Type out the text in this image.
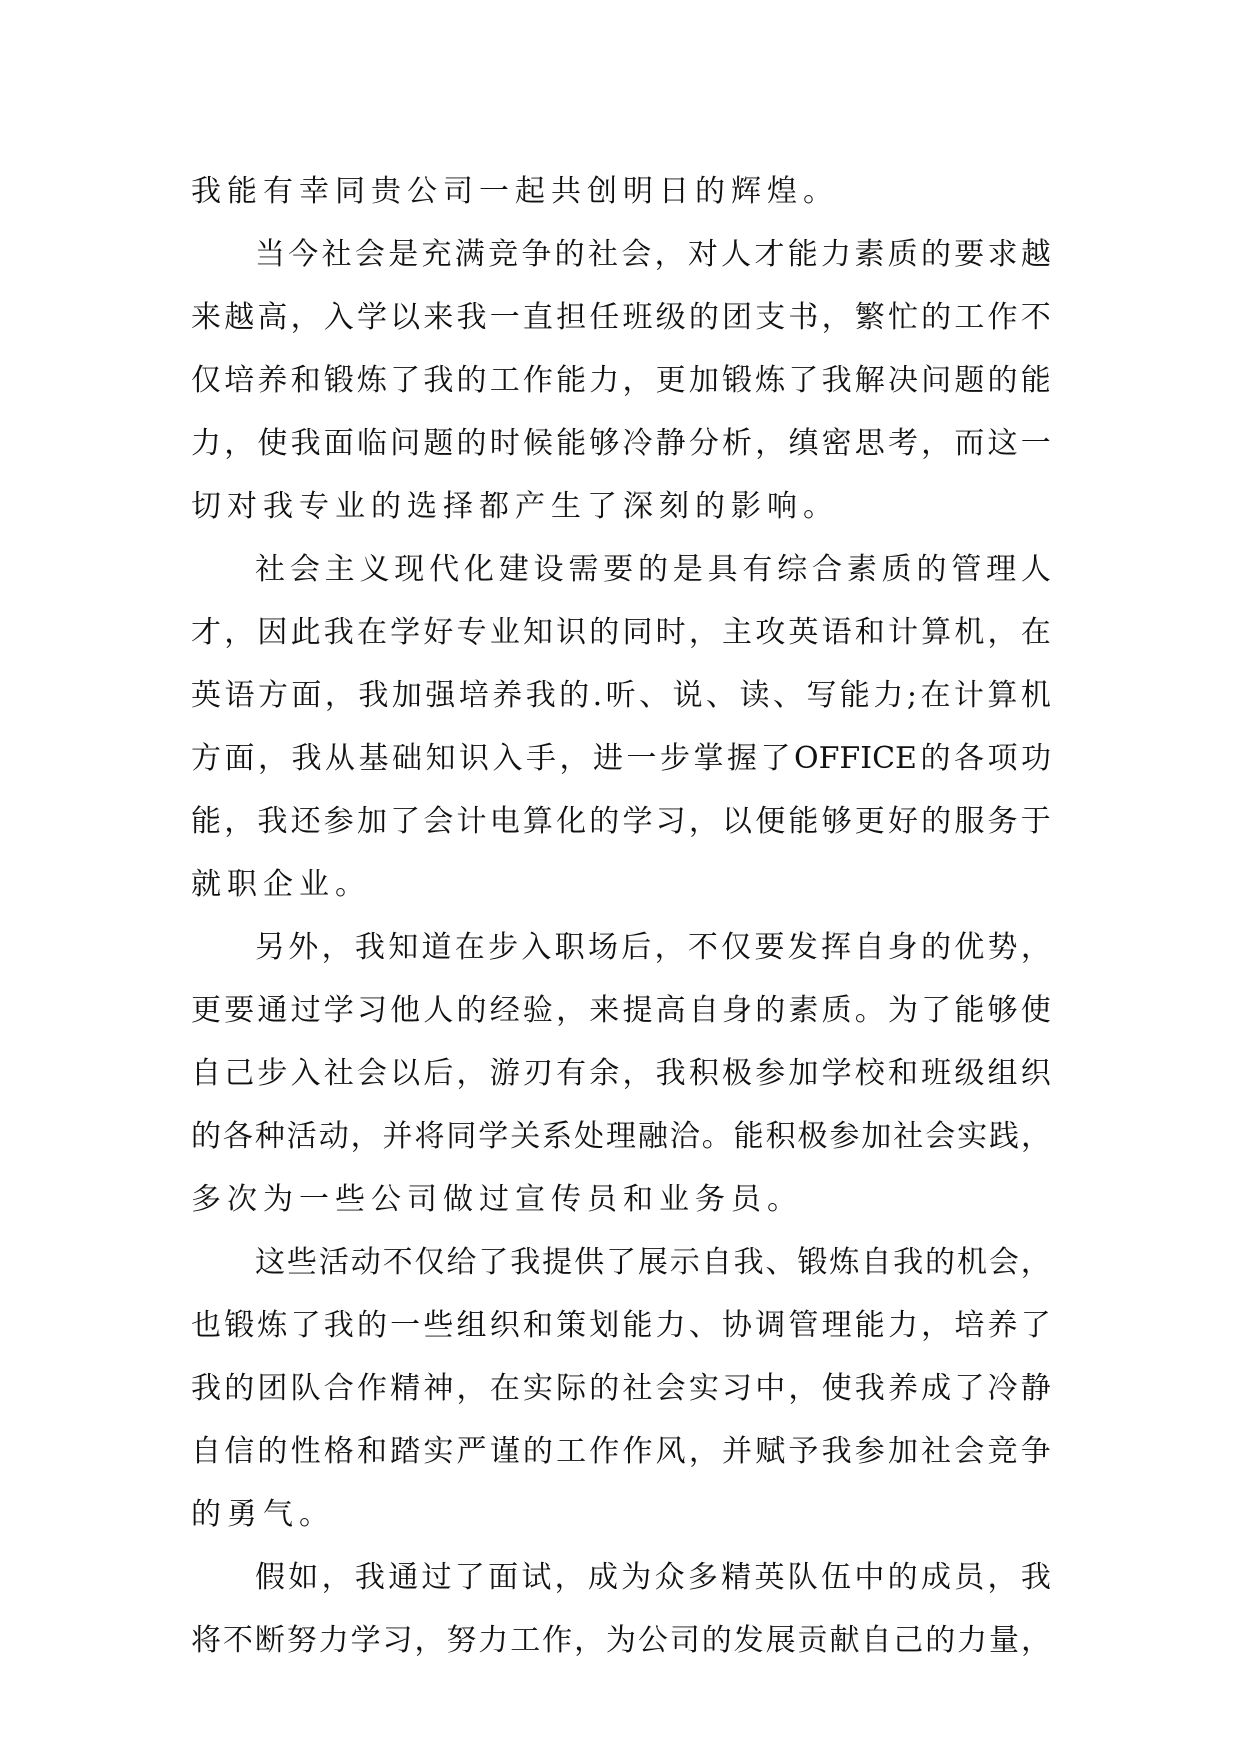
我能有幸同贵公司一起共创明日的辉煌。
当 今 社 会 是 充 满 竞 争 的 社 会 ， 对 人 才 能 力 素 质 的 要 求 越
来 越 高 ， 入 学 以 来 我 一 直 担 任 班 级 的 团 支 书 ， 繁 忙 的 工 作 不
仅 培 养 和 锻 炼 了 我 的 工 作 能 力 ， 更 加 锻 炼 了 我 解 决 问 题 的 能
力 ， 使 我 面 临 问 题 的 时 候 能 够 冷 静 分 析 ， 缜 密 思 考 ， 而 这 一
切对我专业的选择都产生了深刻的影响。
社 会 主 义 现 代 化 建 设 需 要 的 是 具 有 综 合 素 质 的 管 理 人
才 ， 因 此 我 在 学 好 专 业 知 识 的 同 时 ， 主 攻 英 语 和 计 算 机 ， 在
英 语 方 面 ， 我 加 强 培 养 我 的 . 听 、 说 、 读 、 写 能 力 ; 在 计 算 机
方 面 ， 我 从 基 础 知 识 入 手 ， 进 一 步 掌 握 了 OFFICE 的 各 项 功
能 ， 我 还 参 加 了 会 计 电 算 化 的 学 习 ， 以 便 能 够 更 好 的 服 务 于
就职企业。
另 外 ， 我 知 道 在 步 入 职 场 后 ， 不 仅 要 发 挥 自 身 的 优 势 ，
更 要 通 过 学 习 他 人 的 经 验 ， 来 提 高 自 身 的 素 质 。 为 了 能 够 使
自 己 步 入 社 会 以 后 ， 游 刃 有 余 ， 我 积 极 参 加 学 校 和 班 级 组 织
的 各 种 活 动 ， 并 将 同 学 关 系 处 理 融 洽 。 能 积 极 参 加 社 会 实 践 ，
多次为一些公司做过宣传员和业务员。
这 些 活 动 不 仅 给 了 我 提 供 了 展 示 自 我 、 锻 炼 自 我 的 机 会 ，
也 锻 炼 了 我 的 一 些 组 织 和 策 划 能 力 、 协 调 管 理 能 力 ， 培 养 了
我 的 团 队 合 作 精 神 ， 在 实 际 的 社 会 实 习 中 ， 使 我 养 成 了 冷 静
自 信 的 性 格 和 踏 实 严 谨 的 工 作 作 风 ， 并 赋 予 我 参 加 社 会 竞 争
的勇气。
假 如 ， 我 通 过 了 面 试 ， 成 为 众 多 精 英 队 伍 中 的 成 员 ， 我
将 不 断 努 力 学 习 ， 努 力 工 作 ， 为 公 司 的 发 展 贡 献 自 己 的 力 量 ，
